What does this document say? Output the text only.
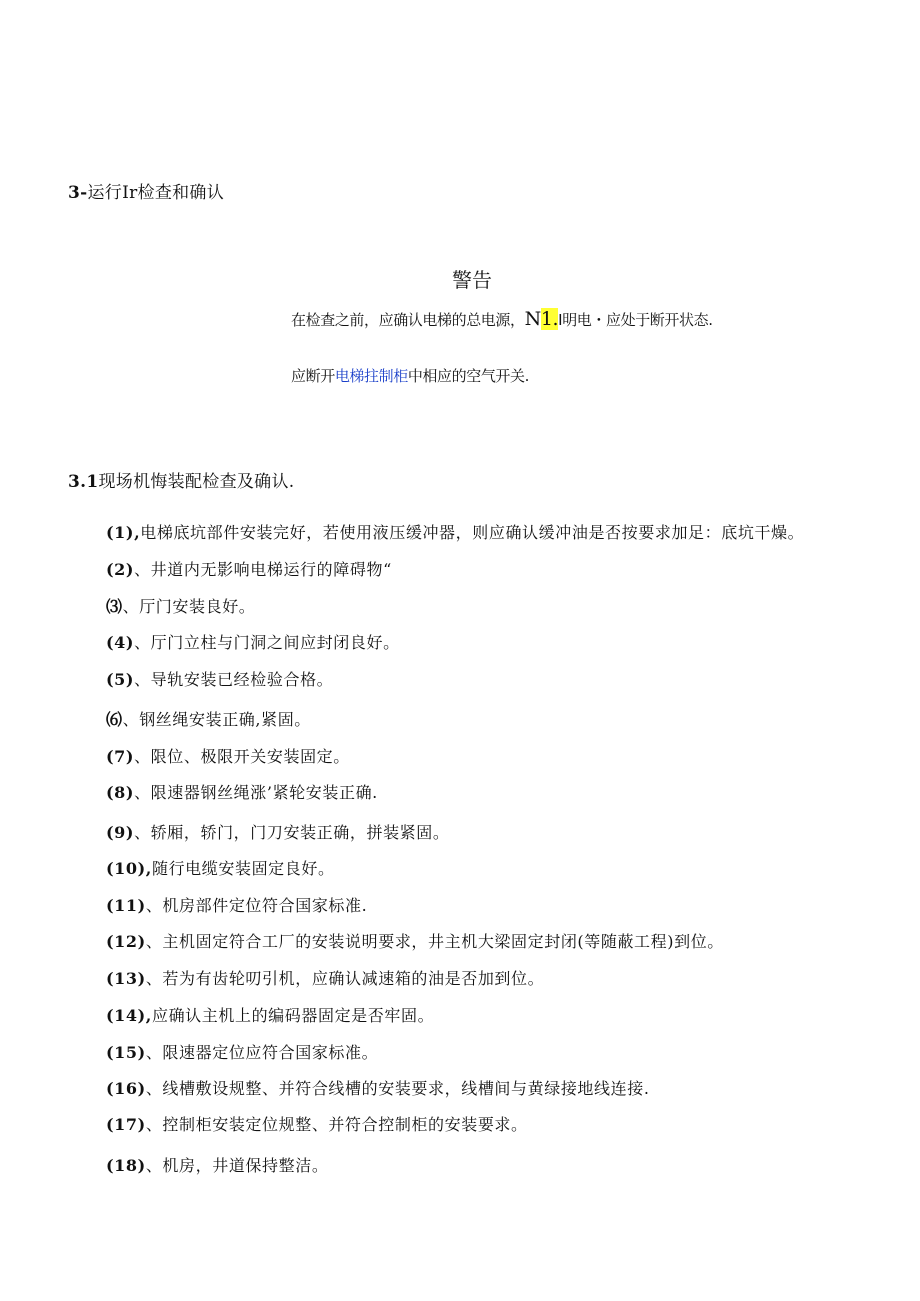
3-运行Ir检查和确认
警告
在检查之前，应确认电梯的总电源，N1.I明电・应处于断开状态.
应断开电梯拄制柜中相应的空气开关.
3.1现场机悔装配检查及确认.
(1),电梯底坑部件安装完好，若使用液压缓冲器，则应确认缓冲油是否按要求加足：底坑干燥。
(2)、井道内无影响电梯运行的障碍物“
⑶、厅门安装良好。
(4)、厅门立柱与门洞之间应封闭良好。
(5)、导轨安装已经检验合格。
⑹、钢丝绳安装正确,紧固。
(7)、限位、极限开关安装固定。
(8)、限速器钢丝绳涨’紧轮安装正确.
(9)、轿厢，轿门，门刀安装正确，拼装紧固。
(10),随行电缆安装固定良好。
(11)、机房部件定位符合国家标准.
(12)、主机固定符合工厂的安装说明要求，井主机大梁固定封闭(等随蔽工程)到位。
(13)、若为有齿轮叨引机，应确认减速箱的油是否加到位。
(14),应确认主机上的编码器固定是否牢固。
(15)、限速器定位应符合国家标准。
(16)、线槽敷设规整、并符合线槽的安装要求，线槽间与黄绿接地线连接.
(17)、控制柜安装定位规整、并符合控制柜的安装要求。
(18)、机房，井道保持整洁。
